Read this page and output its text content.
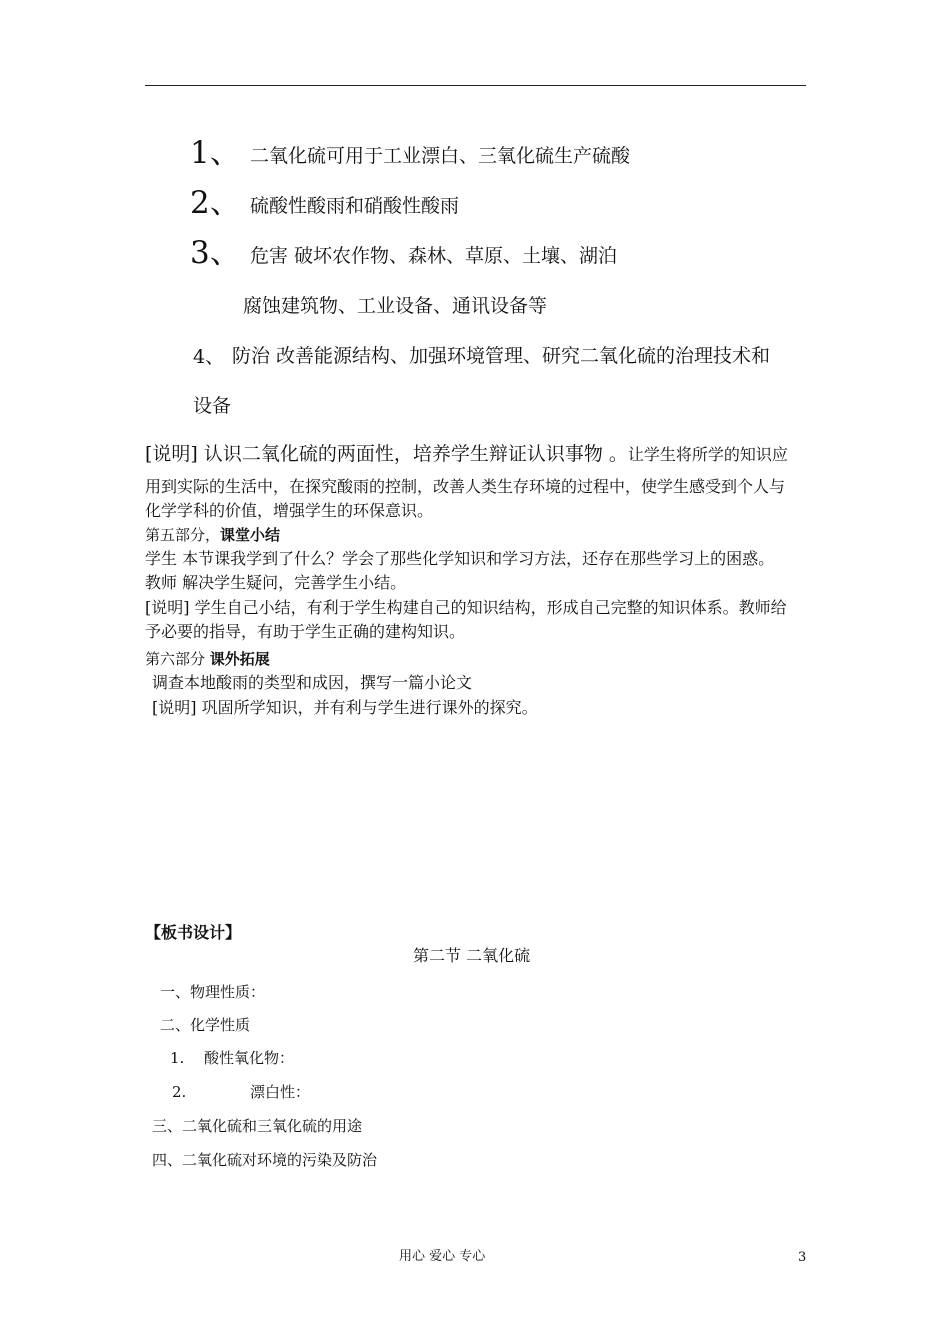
1、 二氧化硫可用于工业漂白、三氧化硫生产硫酸
2、 硫酸性酸雨和硝酸性酸雨
3、 危害 破坏农作物、森林、草原、土壤、湖泊
腐蚀建筑物、工业设备、通讯设备等
4、 防治 改善能源结构、加强环境管理、研究二氧化硫的治理技术和
设备
[说明] 认识二氧化硫的两面性，培养学生辩证认识事物 。让学生将所学的知识应
用到实际的生活中，在探究酸雨的控制，改善人类生存环境的过程中，使学生感受到个人与
化学学科的价值，增强学生的环保意识。
第五部分，课堂小结
学生 本节课我学到了什么？学会了那些化学知识和学习方法，还存在那些学习上的困惑。
教师 解决学生疑问，完善学生小结。
[说明] 学生自己小结，有利于学生构建自己的知识结构，形成自己完整的知识体系。教师给
予必要的指导，有助于学生正确的建构知识。
第六部分 课外拓展
调查本地酸雨的类型和成因，撰写一篇小论文
[说明] 巩固所学知识，并有利与学生进行课外的探究。
【板书设计】
第二节 二氧化硫
一、物理性质：
二、化学性质
1. 酸性氧化物：
2.	漂白性：
三、二氧化硫和三氧化硫的用途
四、二氧化硫对环境的污染及防治
用心 爱心 专心	3
